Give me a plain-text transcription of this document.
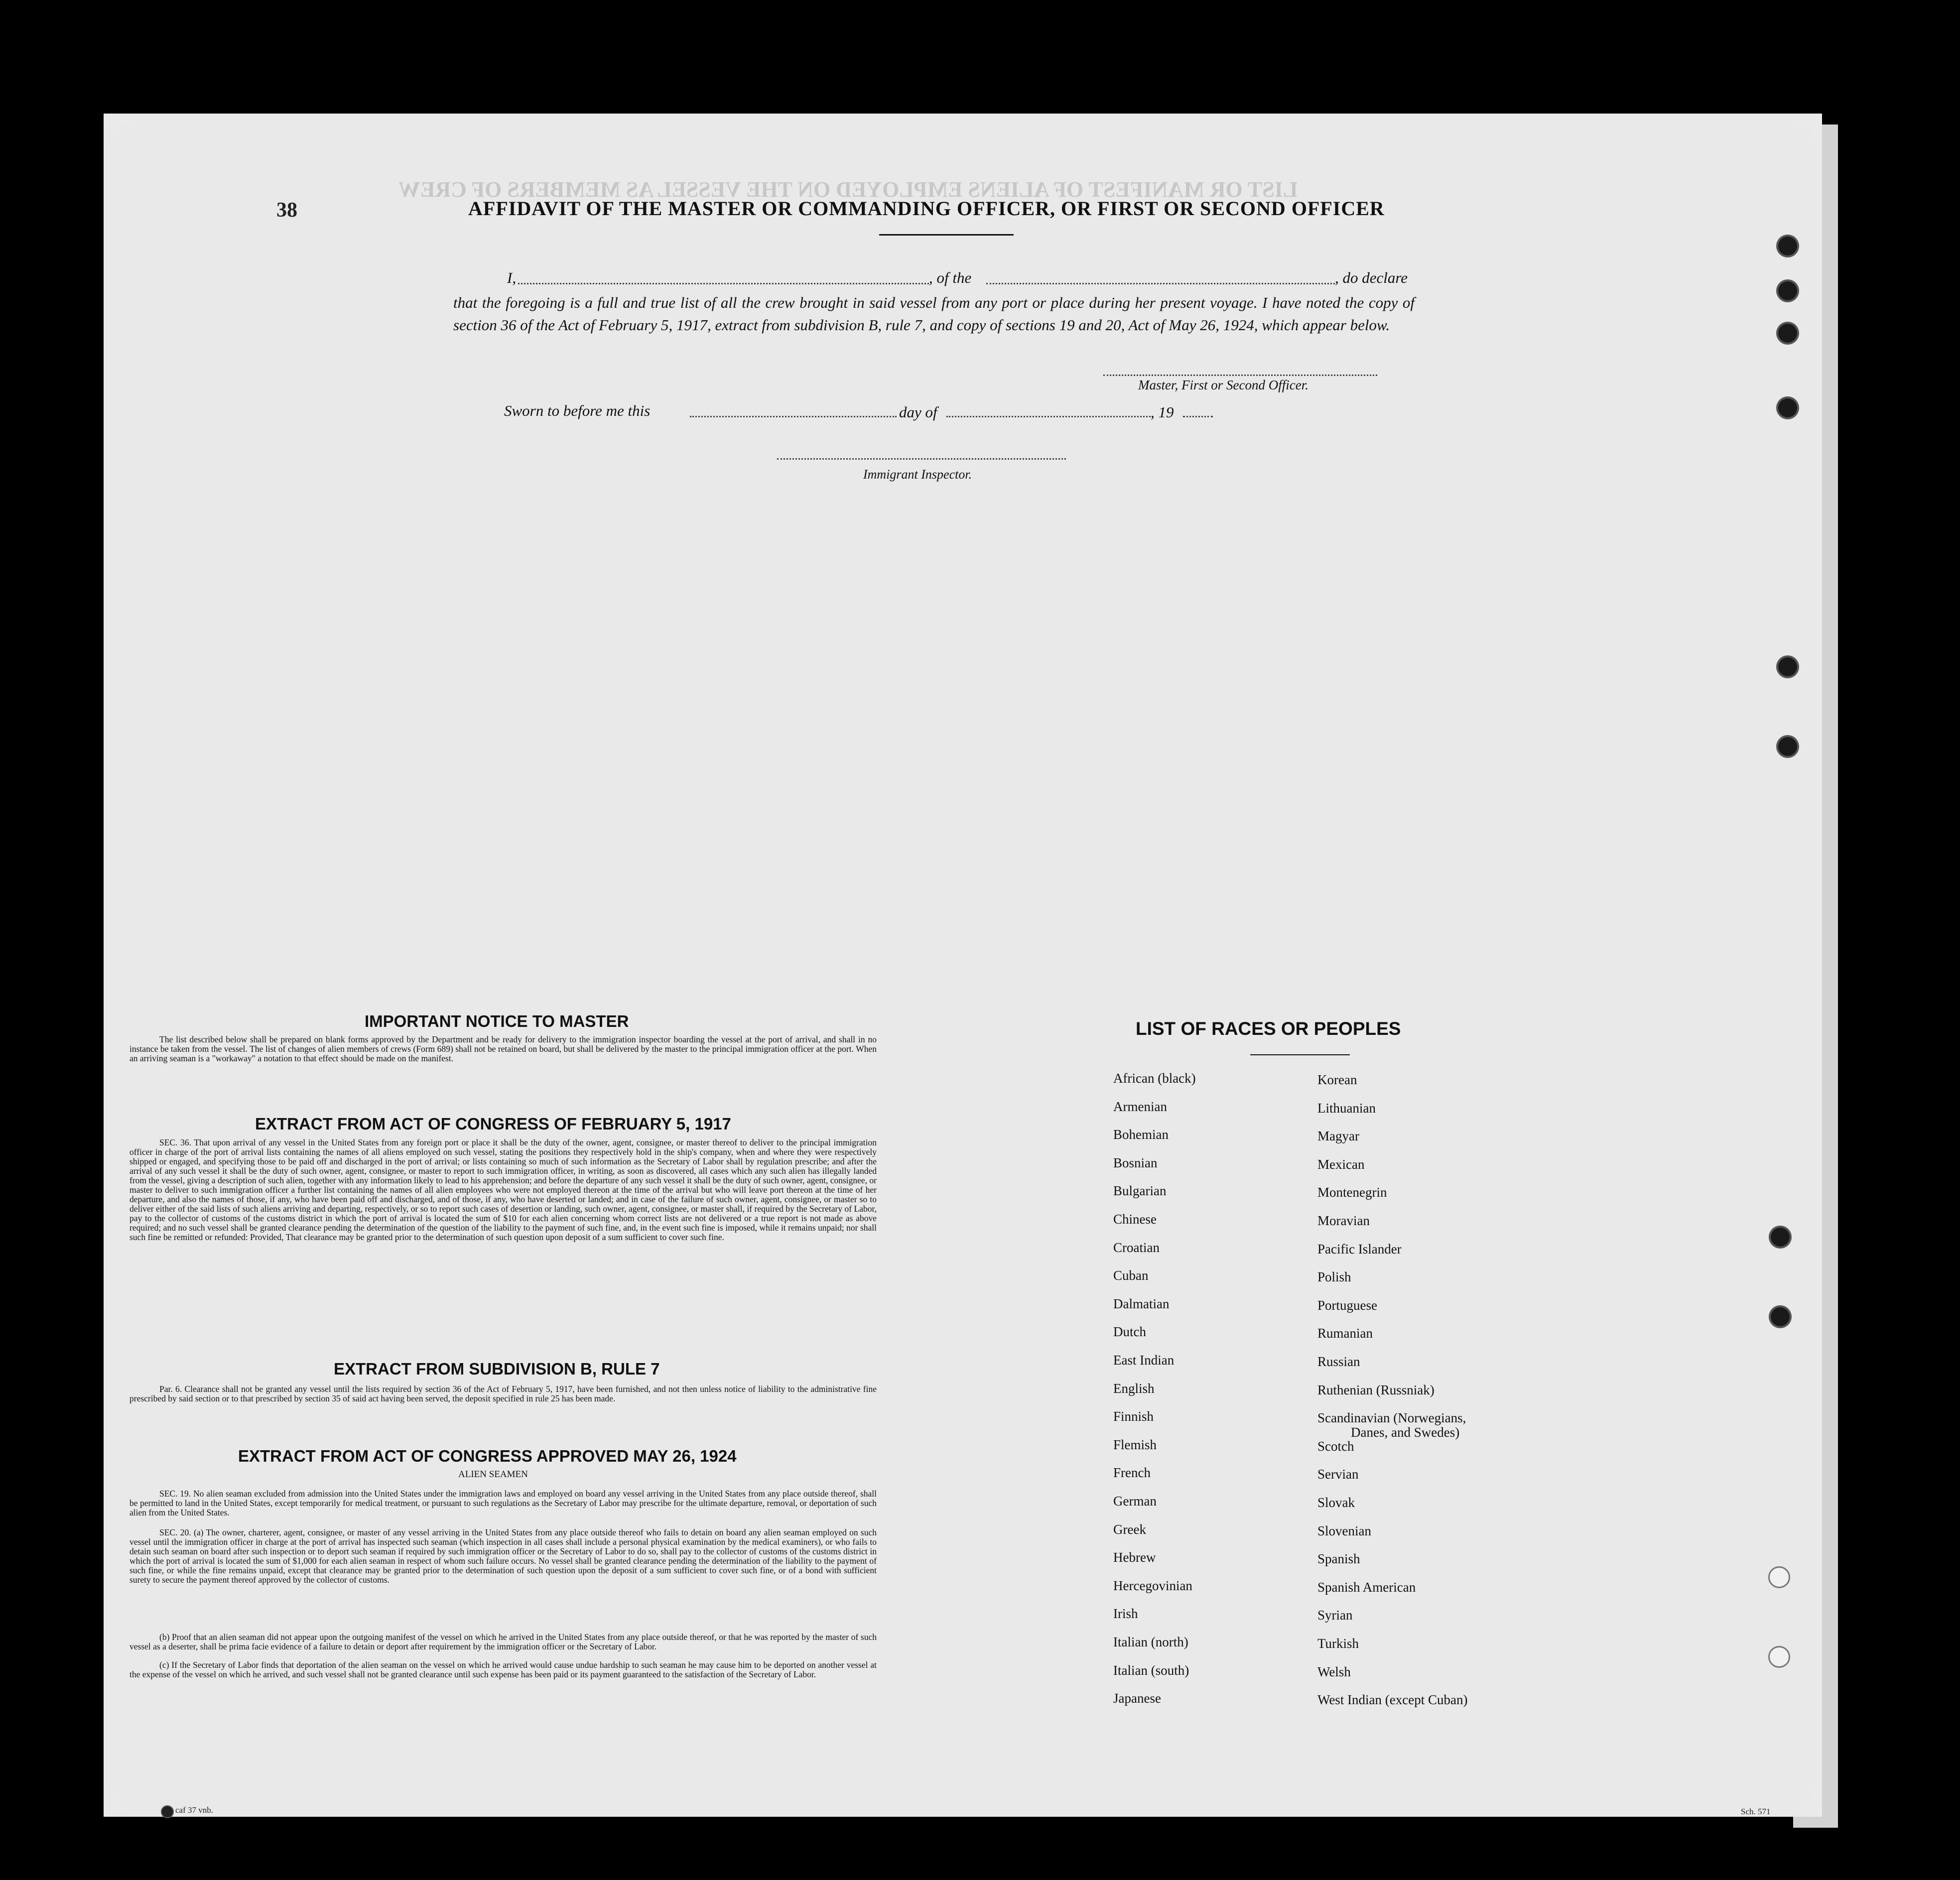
LIST OR MANIFEST OF ALIENS EMPLOYED ON THE VESSEL AS MEMBERS OF CREW
38	AFFIDAVIT OF THE MASTER OR COMMANDING OFFICER, OR FIRST OR SECOND OFFICER
I,	, of the	, do declare
that the foregoing is a full and true list of all the crew brought in said vessel from any port or place during her present voyage. I have noted the copy of section 36 of the Act of February 5, 1917, extract from subdivision B, rule 7, and copy of sections 19 and 20, Act of May 26, 1924, which appear below.
Master, First or Second Officer.
Sworn to before me this	day of	, 19
Immigrant Inspector.
IMPORTANT NOTICE TO MASTER
The list described below shall be prepared on blank forms approved by the Department and be ready for delivery to the immigration inspector boarding the vessel at the port of arrival, and shall in no instance be taken from the vessel. The list of changes of alien members of crews (Form 689) shall not be retained on board, but shall be delivered by the master to the principal immigration officer at the port. When an arriving seaman is a "workaway" a notation to that effect should be made on the manifest.
EXTRACT FROM ACT OF CONGRESS OF FEBRUARY 5, 1917
SEC. 36. That upon arrival of any vessel in the United States from any foreign port or place it shall be the duty of the owner, agent, consignee, or master thereof to deliver to the principal immigration officer in charge of the port of arrival lists containing the names of all aliens employed on such vessel, stating the positions they respectively hold in the ship's company, when and where they were respectively shipped or engaged, and specifying those to be paid off and discharged in the port of arrival; or lists containing so much of such information as the Secretary of Labor shall by regulation prescribe; and after the arrival of any such vessel it shall be the duty of such owner, agent, consignee, or master to report to such immigration officer, in writing, as soon as discovered, all cases which any such alien has illegally landed from the vessel, giving a description of such alien, together with any information likely to lead to his apprehension; and before the departure of any such vessel it shall be the duty of such owner, agent, consignee, or master to deliver to such immigration officer a further list containing the names of all alien employees who were not employed thereon at the time of the arrival but who will leave port thereon at the time of her departure, and also the names of those, if any, who have been paid off and discharged, and of those, if any, who have deserted or landed; and in case of the failure of such owner, agent, consignee, or master so to deliver either of the said lists of such aliens arriving and departing, respectively, or so to report such cases of desertion or landing, such owner, agent, consignee, or master shall, if required by the Secretary of Labor, pay to the collector of customs of the customs district in which the port of arrival is located the sum of $10 for each alien concerning whom correct lists are not delivered or a true report is not made as above required; and no such vessel shall be granted clearance pending the determination of the question of the liability to the payment of such fine, and, in the event such fine is imposed, while it remains unpaid; nor shall such fine be remitted or refunded: Provided, That clearance may be granted prior to the determination of such question upon deposit of a sum sufficient to cover such fine.
EXTRACT FROM SUBDIVISION B, RULE 7
Par. 6. Clearance shall not be granted any vessel until the lists required by section 36 of the Act of February 5, 1917, have been furnished, and not then unless notice of liability to the administrative fine prescribed by said section or to that prescribed by section 35 of said act having been served, the deposit specified in rule 25 has been made.
EXTRACT FROM ACT OF CONGRESS APPROVED MAY 26, 1924
ALIEN SEAMEN
SEC. 19. No alien seaman excluded from admission into the United States under the immigration laws and employed on board any vessel arriving in the United States from any place outside thereof, shall be permitted to land in the United States, except temporarily for medical treatment, or pursuant to such regulations as the Secretary of Labor may prescribe for the ultimate departure, removal, or deportation of such alien from the United States.
SEC. 20. (a) The owner, charterer, agent, consignee, or master of any vessel arriving in the United States from any place outside thereof who fails to detain on board any alien seaman employed on such vessel until the immigration officer in charge at the port of arrival has inspected such seaman (which inspection in all cases shall include a personal physical examination by the medical examiners), or who fails to detain such seaman on board after such inspection or to deport such seaman if required by such immigration officer or the Secretary of Labor to do so, shall pay to the collector of customs of the customs district in which the port of arrival is located the sum of $1,000 for each alien seaman in respect of whom such failure occurs. No vessel shall be granted clearance pending the determination of the liability to the payment of such fine, or while the fine remains unpaid, except that clearance may be granted prior to the determination of such question upon the deposit of a sum sufficient to cover such fine, or of a bond with sufficient surety to secure the payment thereof approved by the collector of customs.
(b) Proof that an alien seaman did not appear upon the outgoing manifest of the vessel on which he arrived in the United States from any place outside thereof, or that he was reported by the master of such vessel as a deserter, shall be prima facie evidence of a failure to detain or deport after requirement by the immigration officer or the Secretary of Labor.
(c) If the Secretary of Labor finds that deportation of the alien seaman on the vessel on which he arrived would cause undue hardship to such seaman he may cause him to be deported on another vessel at the expense of the vessel on which he arrived, and such vessel shall not be granted clearance until such expense has been paid or its payment guaranteed to the satisfaction of the Secretary of Labor.
LIST OF RACES OR PEOPLES
African (black)
Armenian
Bohemian
Bosnian
Bulgarian
Chinese
Croatian
Cuban
Dalmatian
Dutch
East Indian
English
Finnish
Flemish
French
German
Greek
Hebrew
Hercegovinian
Irish
Italian (north)
Italian (south)
Japanese
Korean
Lithuanian
Magyar
Mexican
Montenegrin
Moravian
Pacific Islander
Polish
Portuguese
Rumanian
Russian
Ruthenian (Russniak)
Scandinavian (Norwegians,
Danes, and Swedes)
Scotch
Servian
Slovak
Slovenian
Spanish
Spanish American
Syrian
Turkish
Welsh
West Indian (except Cuban)
caf 37 vnb.	Sch. 571
